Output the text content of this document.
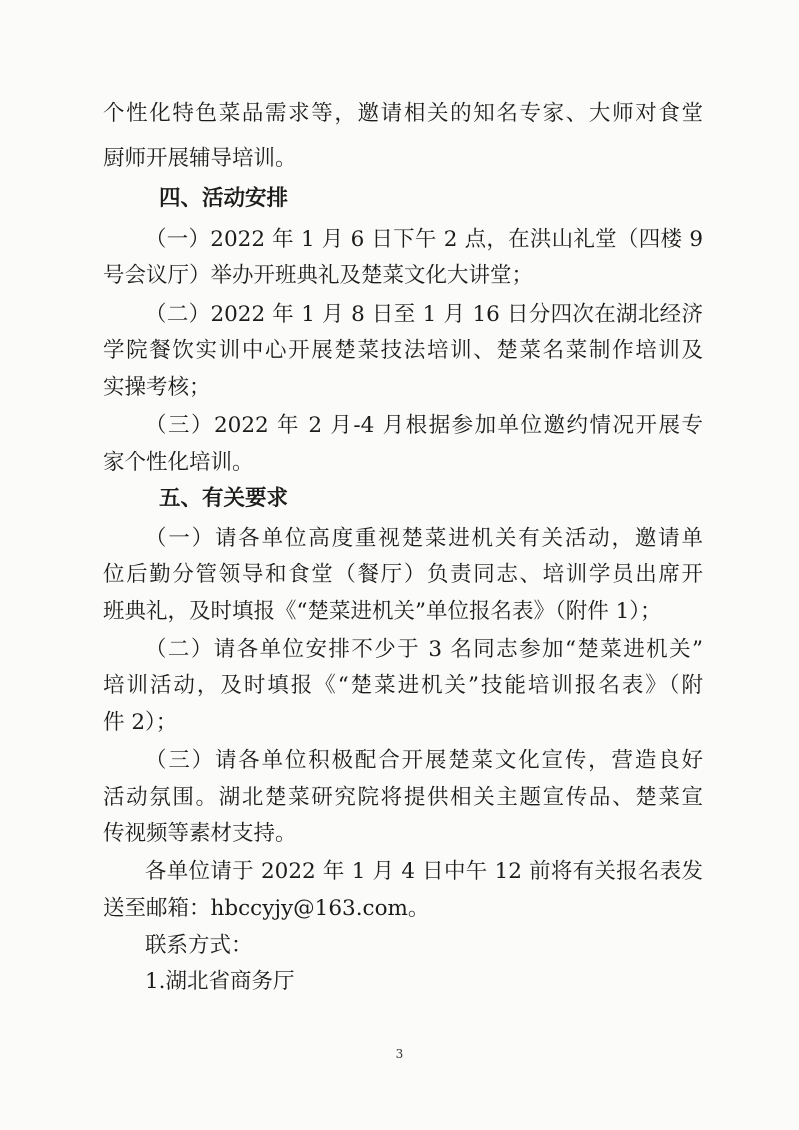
个性化特色菜品需求等，邀请相关的知名专家、大师对食堂
厨师开展辅导培训。
四、活动安排
（一）2022 年 1 月 6 日下午 2 点，在洪山礼堂（四楼 9
号会议厅）举办开班典礼及楚菜文化大讲堂；
（二）2022 年 1 月 8 日至 1 月 16 日分四次在湖北经济
学院餐饮实训中心开展楚菜技法培训、楚菜名菜制作培训及
实操考核；
（三）2022 年 2 月-4 月根据参加单位邀约情况开展专
家个性化培训。
五、有关要求
（一）请各单位高度重视楚菜进机关有关活动，邀请单
位后勤分管领导和食堂（餐厅）负责同志、培训学员出席开
班典礼，及时填报《“楚菜进机关”单位报名表》（附件 1）；
（二）请各单位安排不少于 3 名同志参加“楚菜进机关”
培训活动，及时填报《“楚菜进机关”技能培训报名表》（附
件 2）；
（三）请各单位积极配合开展楚菜文化宣传，营造良好
活动氛围。湖北楚菜研究院将提供相关主题宣传品、楚菜宣
传视频等素材支持。
各单位请于 2022 年 1 月 4 日中午 12 前将有关报名表发
送至邮箱：hbccyjy@163.com。
联系方式：
1.湖北省商务厅
3
